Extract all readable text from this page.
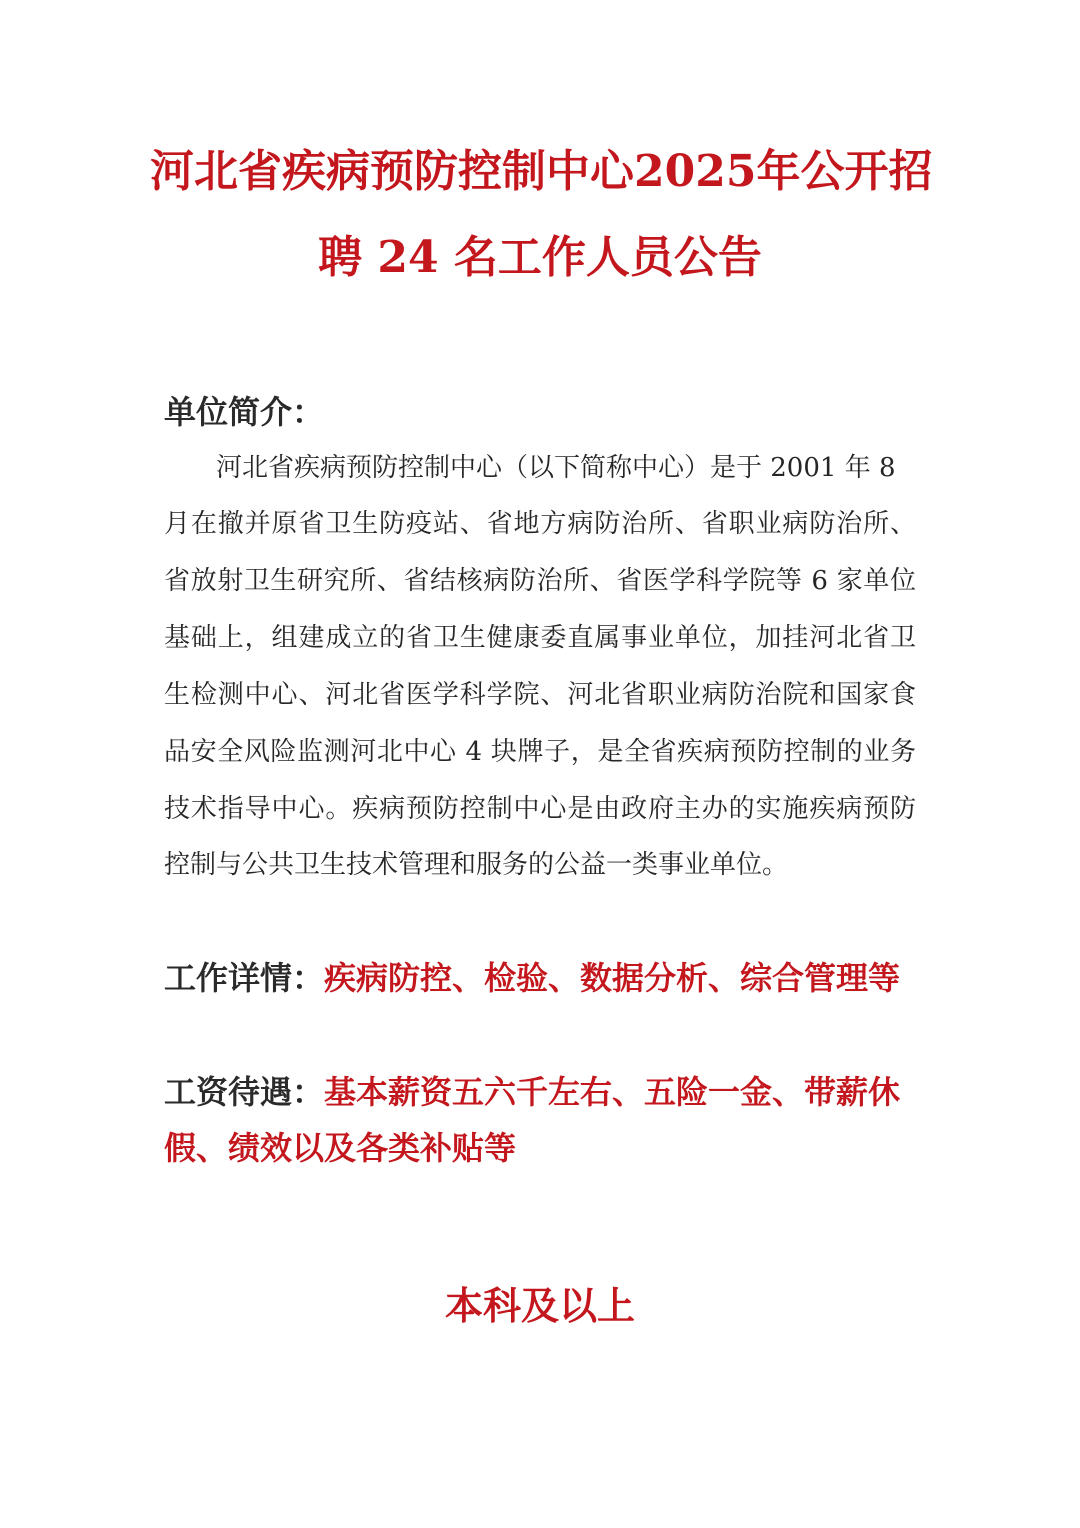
河北省疾病预防控制中心2025年公开招
聘 24 名工作人员公告
单位简介：
河北省疾病预防控制中心（以下简称中心）是于 2001 年 8
月在撤并原省卫生防疫站、省地方病防治所、省职业病防治所、
省放射卫生研究所、省结核病防治所、省医学科学院等 6 家单位
基础上，组建成立的省卫生健康委直属事业单位，加挂河北省卫
生检测中心、河北省医学科学院、河北省职业病防治院和国家食
品安全风险监测河北中心 4 块牌子，是全省疾病预防控制的业务
技术指导中心。疾病预防控制中心是由政府主办的实施疾病预防
控制与公共卫生技术管理和服务的公益一类事业单位。
工作详情：疾病防控、检验、数据分析、综合管理等
工资待遇：基本薪资五六千左右、五险一金、带薪休
假、绩效以及各类补贴等
本科及以上
